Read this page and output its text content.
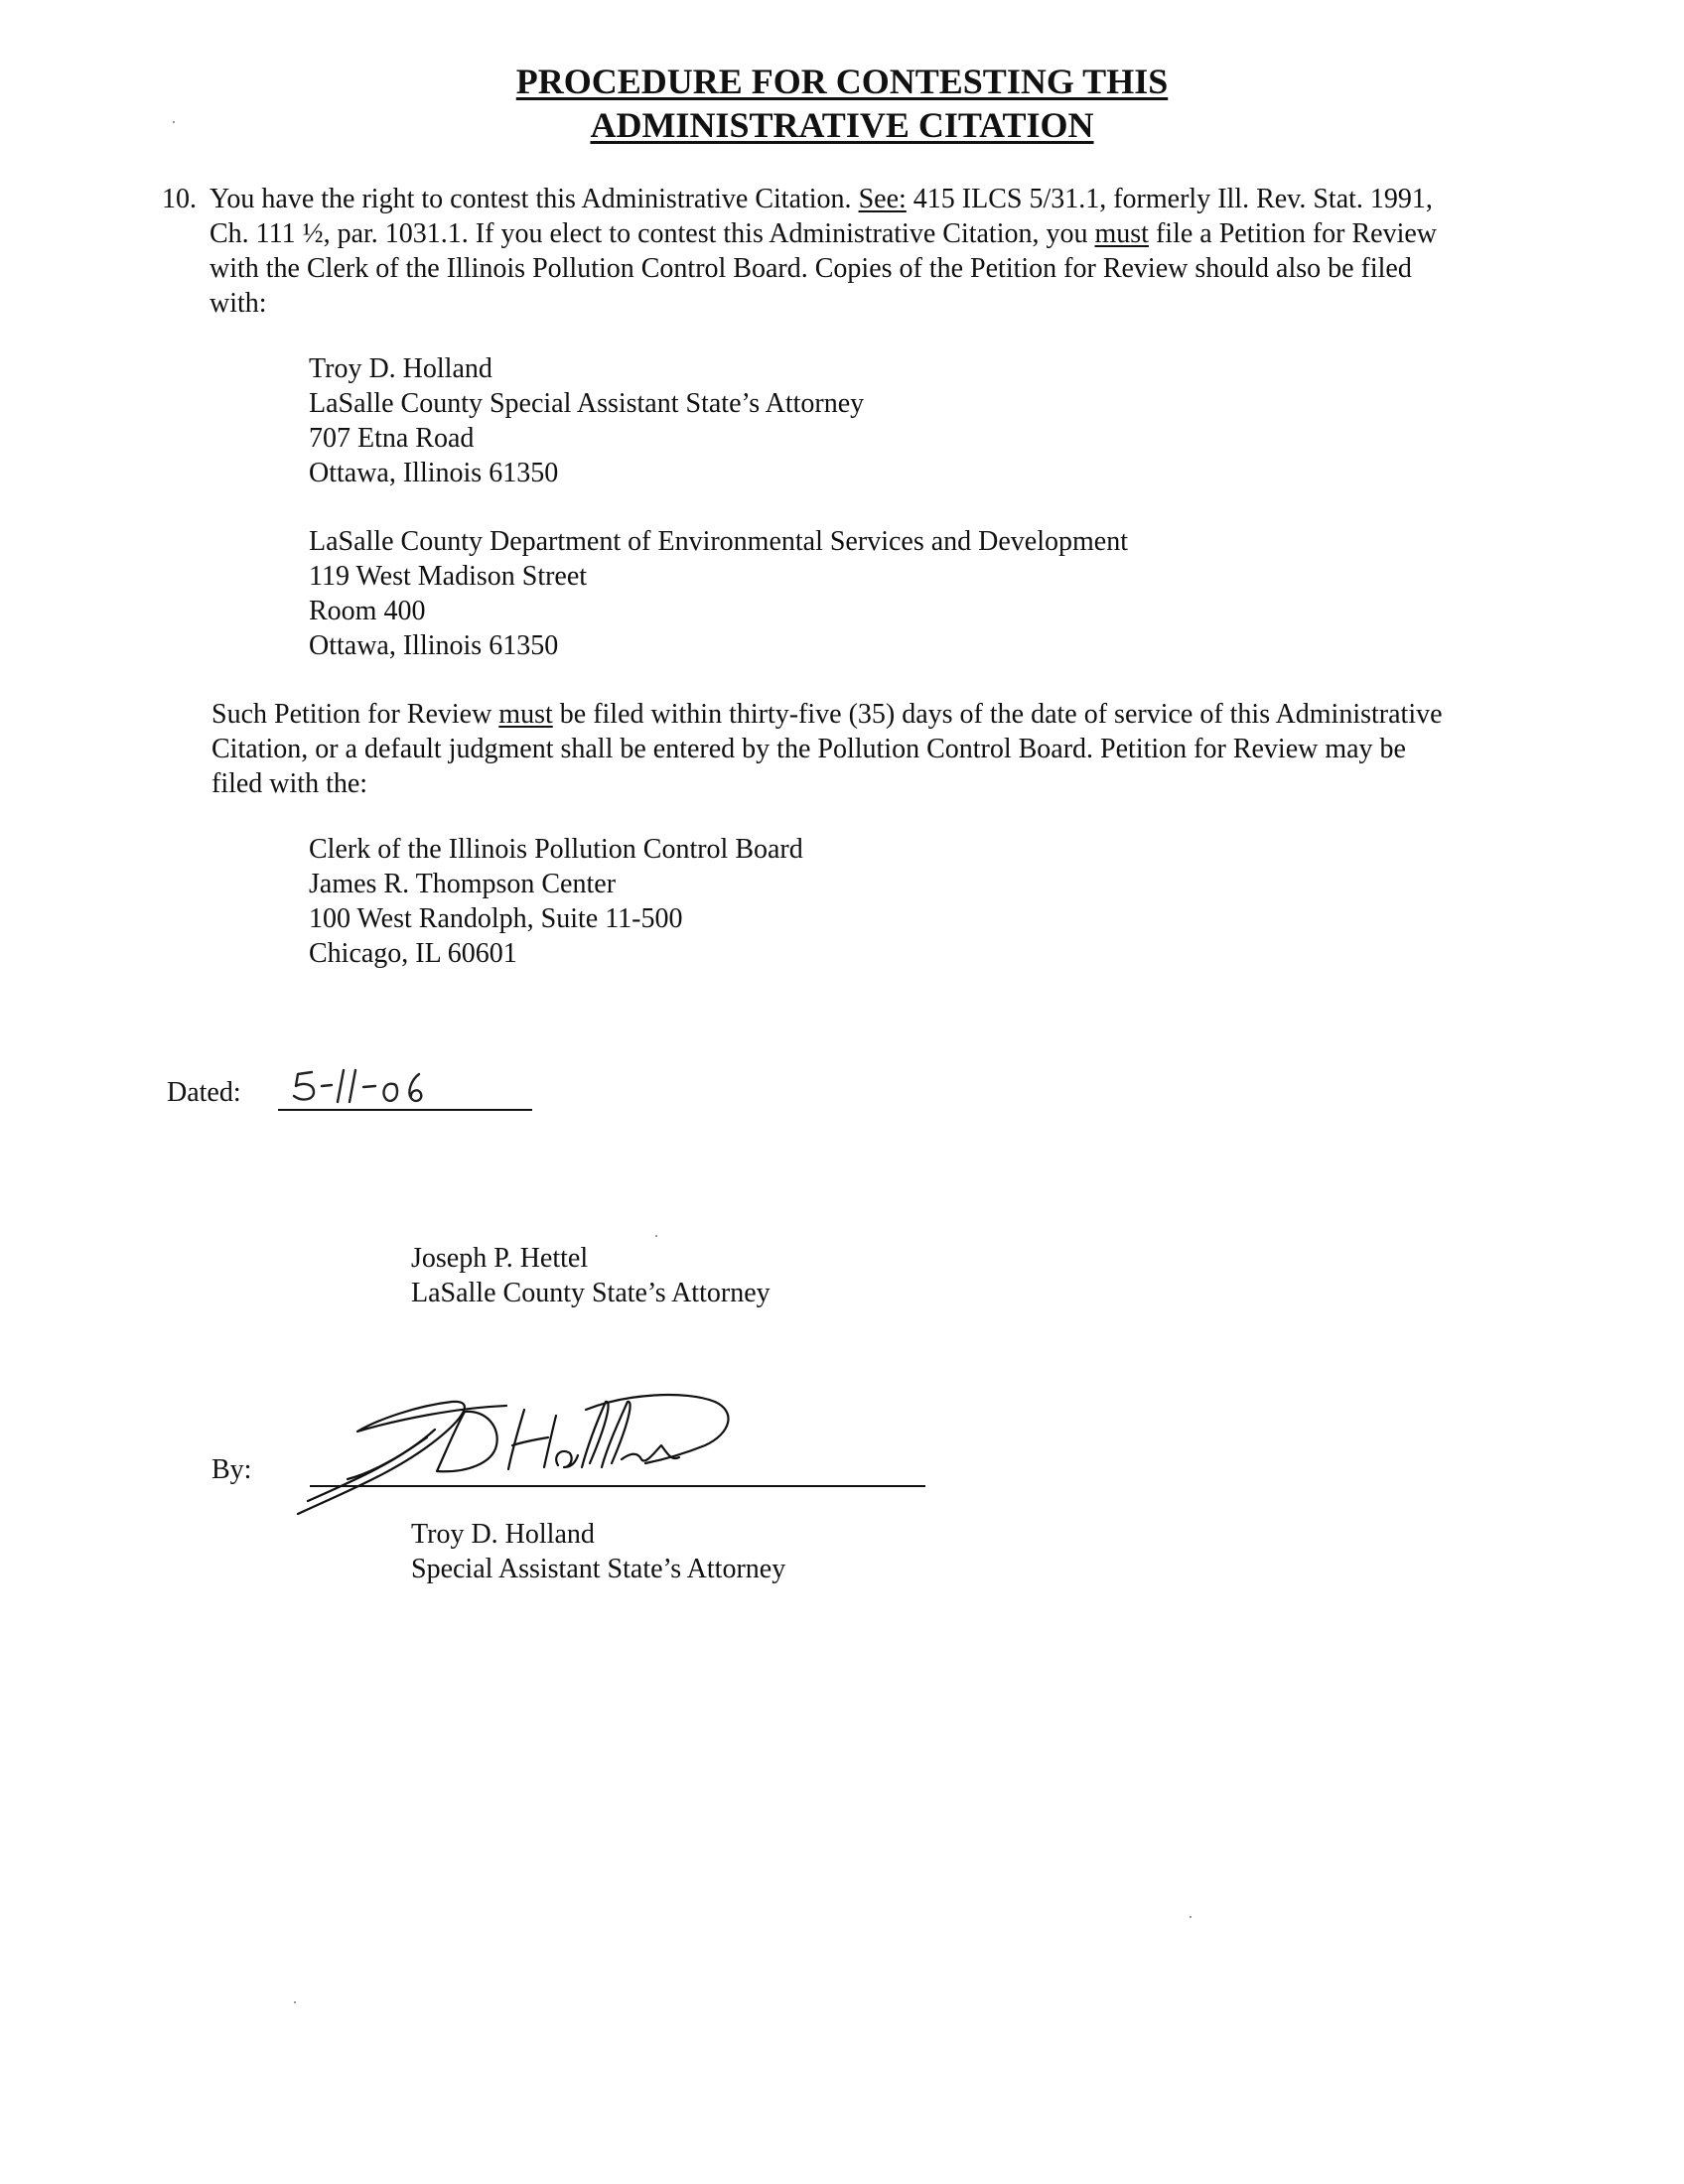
PROCEDURE FOR CONTESTING THIS
ADMINISTRATIVE CITATION
10. You have the right to contest this Administrative Citation. See: 415 ILCS 5/31.1, formerly Ill. Rev. Stat. 1991,
Ch. 111 ½, par. 1031.1. If you elect to contest this Administrative Citation, you must file a Petition for Review
with the Clerk of the Illinois Pollution Control Board. Copies of the Petition for Review should also be filed
with:
Troy D. Holland
LaSalle County Special Assistant State’s Attorney
707 Etna Road
Ottawa, Illinois 61350
LaSalle County Department of Environmental Services and Development
119 West Madison Street
Room 400
Ottawa, Illinois 61350
Such Petition for Review must be filed within thirty-five (35) days of the date of service of this Administrative
Citation, or a default judgment shall be entered by the Pollution Control Board. Petition for Review may be
filed with the:
Clerk of the Illinois Pollution Control Board
James R. Thompson Center
100 West Randolph, Suite 11-500
Chicago, IL 60601
Dated:
Joseph P. Hettel
LaSalle County State’s Attorney
By:
Troy D. Holland
Special Assistant State’s Attorney
